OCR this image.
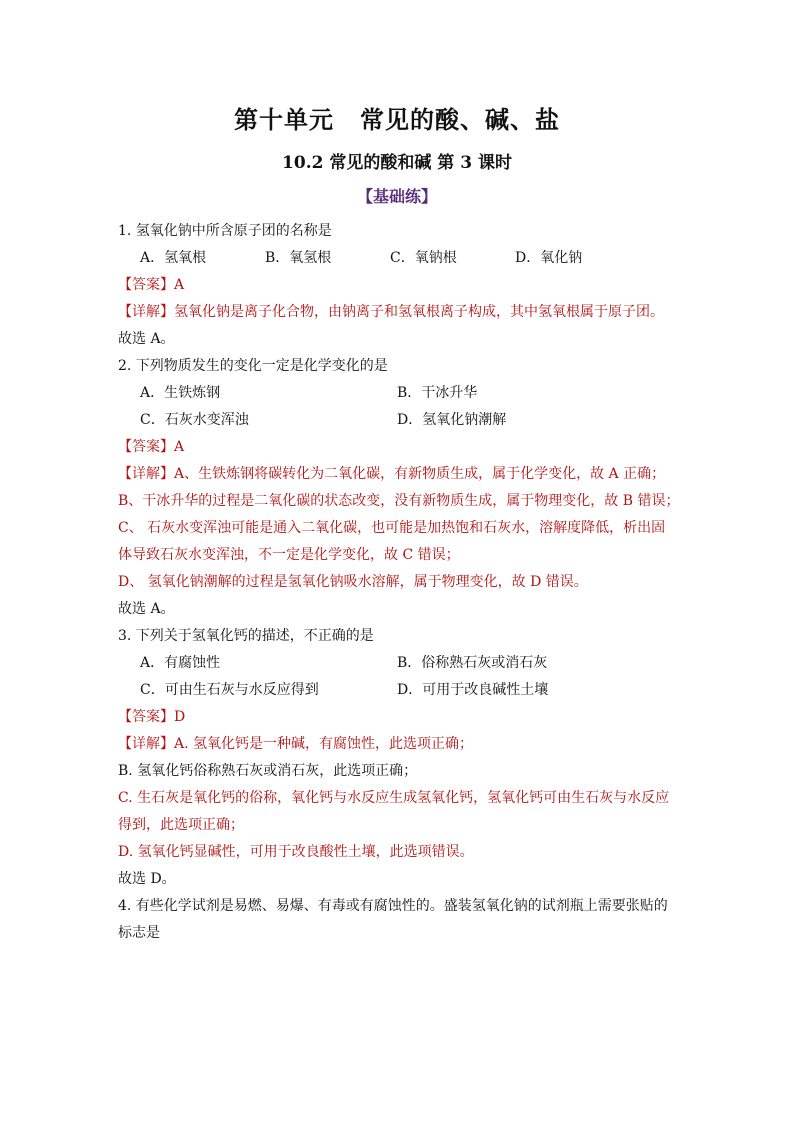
第十单元 常见的酸、碱、盐
10.2 常见的酸和碱 第 3 课时
【基础练】
1. 氢氧化钠中所含原子团的名称是
A．氢氧根	B．氧氢根	C．氧钠根	D．氧化钠
【答案】A
【详解】氢氧化钠是离子化合物，由钠离子和氢氧根离子构成，其中氢氧根属于原子团。
故选 A。
2. 下列物质发生的变化一定是化学变化的是
A．生铁炼钢	B．干冰升华
C．石灰水变浑浊	D．氢氧化钠潮解
【答案】A
【详解】A、生铁炼钢将碳转化为二氧化碳，有新物质生成，属于化学变化，故 A 正确；
B、干冰升华的过程是二氧化碳的状态改变，没有新物质生成，属于物理变化，故 B 错误；
C、 石灰水变浑浊可能是通入二氧化碳，也可能是加热饱和石灰水，溶解度降低，析出固
体导致石灰水变浑浊，不一定是化学变化，故 C 错误；
D、 氢氧化钠潮解的过程是氢氧化钠吸水溶解，属于物理变化，故 D 错误。
故选 A。
3. 下列关于氢氧化钙的描述，不正确的是
A．有腐蚀性	B．俗称熟石灰或消石灰
C．可由生石灰与水反应得到	D．可用于改良碱性土壤
【答案】D
【详解】A. 氢氧化钙是一种碱，有腐蚀性，此选项正确；
B. 氢氧化钙俗称熟石灰或消石灰，此选项正确；
C. 生石灰是氧化钙的俗称，氧化钙与水反应生成氢氧化钙，氢氧化钙可由生石灰与水反应
得到，此选项正确；
D. 氢氧化钙显碱性，可用于改良酸性土壤，此选项错误。
故选 D。
4. 有些化学试剂是易燃、易爆、有毒或有腐蚀性的。盛装氢氧化钠的试剂瓶上需要张贴的
标志是
